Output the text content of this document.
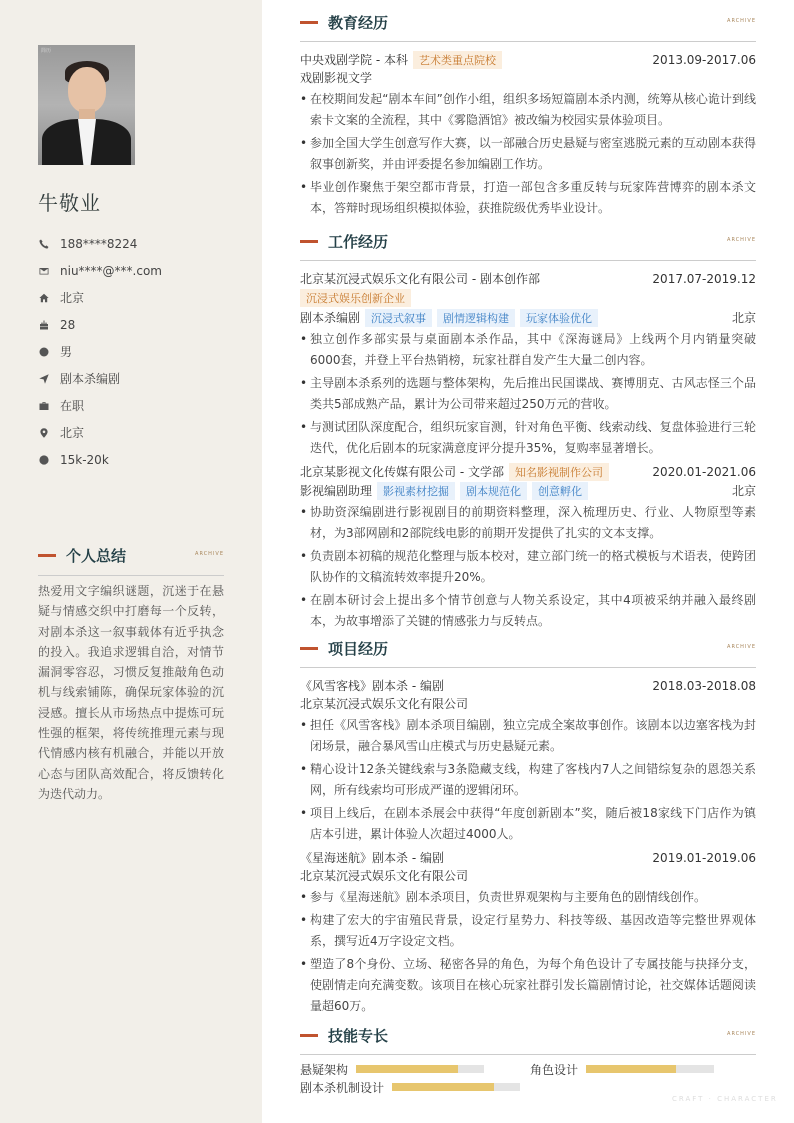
简历
牛敬业
188****8224
niu****@***.com
北京
28
男
剧本杀编剧
在职
北京
15k-20k
个人总结	ARCHIVE
热爱用文字编织谜题，沉迷于在悬疑与情感交织中打磨每一个反转，对剧本杀这一叙事载体有近乎执念的投入。我追求逻辑自洽，对情节漏洞零容忍，习惯反复推敲角色动机与线索铺陈，确保玩家体验的沉浸感。擅长从市场热点中提炼可玩性强的框架，将传统推理元素与现代情感内核有机融合，并能以开放心态与团队高效配合，将反馈转化为迭代动力。
教育经历	ARCHIVE
中央戏剧学院 - 本科	艺术类重点院校	2013.09-2017.06
戏剧影视文学
• 在校期间发起“剧本车间”创作小组，组织多场短篇剧本杀内测，统筹从核心诡计到线索卡文案的全流程，其中《雾隐酒馆》被改编为校园实景体验项目。
• 参加全国大学生创意写作大赛，以一部融合历史悬疑与密室逃脱元素的互动剧本获得叙事创新奖，并由评委提名参加编剧工作坊。
• 毕业创作聚焦于架空都市背景，打造一部包含多重反转与玩家阵营博弈的剧本杀文本，答辩时现场组织模拟体验，获推院级优秀毕业设计。
工作经历	ARCHIVE
北京某沉浸式娱乐文化有限公司 - 剧本创作部	2017.07-2019.12
沉浸式娱乐创新企业
剧本杀编剧	沉浸式叙事	剧情逻辑构建	玩家体验优化	北京
• 独立创作多部实景与桌面剧本杀作品，其中《深海谜局》上线两个月内销量突破6000套，并登上平台热销榜，玩家社群自发产生大量二创内容。
• 主导剧本杀系列的选题与整体架构，先后推出民国谍战、赛博朋克、古风志怪三个品类共5部成熟产品，累计为公司带来超过250万元的营收。
• 与测试团队深度配合，组织玩家盲测，针对角色平衡、线索动线、复盘体验进行三轮迭代，优化后剧本的玩家满意度评分提升35%，复购率显著增长。
北京某影视文化传媒有限公司 - 文学部	知名影视制作公司	2020.01-2021.06
影视编剧助理	影视素材挖掘	剧本规范化	创意孵化	北京
• 协助资深编剧进行影视剧目的前期资料整理，深入梳理历史、行业、人物原型等素材，为3部网剧和2部院线电影的前期开发提供了扎实的文本支撑。
• 负责剧本初稿的规范化整理与版本校对，建立部门统一的格式模板与术语表，使跨团队协作的文稿流转效率提升20%。
• 在剧本研讨会上提出多个情节创意与人物关系设定，其中4项被采纳并融入最终剧本，为故事增添了关键的情感张力与反转点。
项目经历	ARCHIVE
《风雪客栈》剧本杀 - 编剧	2018.03-2018.08
北京某沉浸式娱乐文化有限公司
• 担任《风雪客栈》剧本杀项目编剧，独立完成全案故事创作。该剧本以边塞客栈为封闭场景，融合暴风雪山庄模式与历史悬疑元素。
• 精心设计12条关键线索与3条隐藏支线，构建了客栈内7人之间错综复杂的恩怨关系网，所有线索均可形成严谨的逻辑闭环。
• 项目上线后，在剧本杀展会中获得“年度创新剧本”奖，随后被18家线下门店作为镇店本引进，累计体验人次超过4000人。
《星海迷航》剧本杀 - 编剧	2019.01-2019.06
北京某沉浸式娱乐文化有限公司
• 参与《星海迷航》剧本杀项目，负责世界观架构与主要角色的剧情线创作。
• 构建了宏大的宇宙殖民背景，设定行星势力、科技等级、基因改造等完整世界观体系，撰写近4万字设定文档。
• 塑造了8个身份、立场、秘密各异的角色，为每个角色设计了专属技能与抉择分支，使剧情走向充满变数。该项目在核心玩家社群引发长篇剧情讨论，社交媒体话题阅读量超60万。
技能专长	ARCHIVE
悬疑架构	角色设计
剧本杀机制设计
CRAFT · CHARACTER
